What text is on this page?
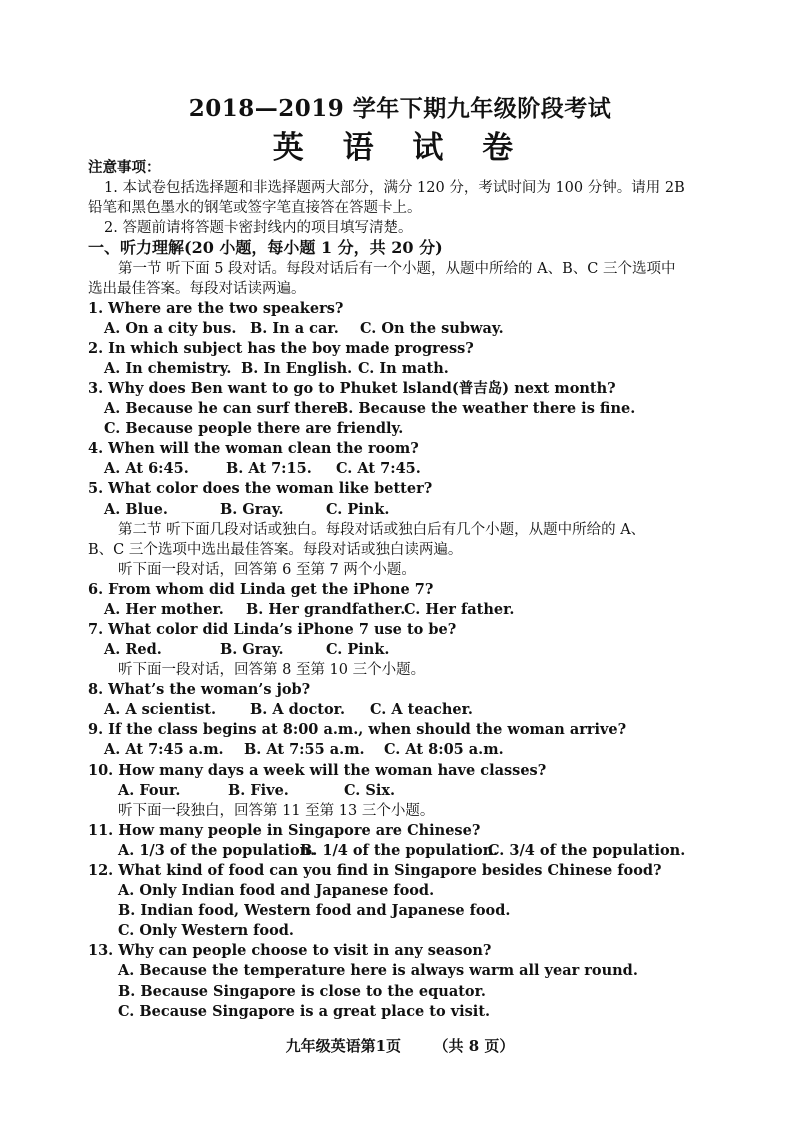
2018—2019 学年下期九年级阶段考试
英 语 试 卷
注意事项：
1. 本试卷包括选择题和非选择题两大部分，满分 120 分，考试时间为 100 分钟。请用 2B
铅笔和黑色墨水的钢笔或签字笔直接答在答题卡上。
2. 答题前请将答题卡密封线内的项目填写清楚。
一、听力理解(20 小题，每小题 1 分，共 20 分)
第一节 听下面 5 段对话。每段对话后有一个小题，从题中所给的 A、B、C 三个选项中
选出最佳答案。每段对话读两遍。
1. Where are the two speakers?
A. On a city bus. B. In a car. C. On the subway.
2. In which subject has the boy made progress?
A. In chemistry. B. In English. C. In math.
3. Why does Ben want to go to Phuket lsland(普吉岛) next month?
A. Because he can surf there.
B. Because the weather there is fine.
C. Because people there are friendly.
4. When will the woman clean the room?
A. At 6:45.	B. At 7:15. C. At 7:45.
5. What color does the woman like better?
A. Blue.	B. Gray.	C. Pink.
第二节 听下面几段对话或独白。每段对话或独白后有几个小题，从题中所给的 A、
B、C 三个选项中选出最佳答案。每段对话或独白读两遍。
听下面一段对话，回答第 6 至第 7 两个小题。
6. From whom did Linda get the iPhone 7?
A. Her mother. B. Her grandfather.
C. Her father.
7. What color did Linda’s iPhone 7 use to be?
A. Red.	B. Gray.	C. Pink.
听下面一段对话，回答第 8 至第 10 三个小题。
8. What’s the woman’s job?
A. A scientist. B. A doctor. C. A teacher.
9. If the class begins at 8:00 a.m., when should the woman arrive?
A. At 7:45 a.m. B. At 7:55 a.m. C. At 8:05 a.m.
10. How many days a week will the woman have classes?
A. Four.	B. Five.	C. Six.
听下面一段独白，回答第 11 至第 13 三个小题。
11. How many people in Singapore are Chinese?
A. 1/3 of the population.
B. 1/4 of the population.
C. 3/4 of the population.
12. What kind of food can you find in Singapore besides Chinese food?
A. Only Indian food and Japanese food.
B. Indian food, Western food and Japanese food.
C. Only Western food.
13. Why can people choose to visit in any season?
A. Because the temperature here is always warm all year round.
B. Because Singapore is close to the equator.
C. Because Singapore is a great place to visit.
九年级英语第1页 （共 8 页）
